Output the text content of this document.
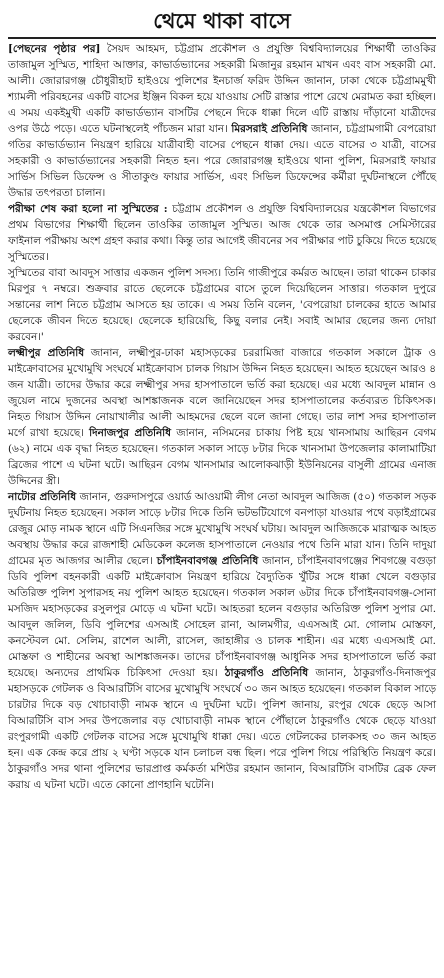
থেমে থাকা বাসে

[পেছনের পৃষ্ঠার পর] সৈয়দ আহমদ, চট্টগ্রাম প্রকৌশল ও প্রযুক্তি বিশ্ববিদ্যালয়ের শিক্ষার্থী তাওকির তাজামুল সুস্মিত, শাহিদা আক্তার, কাভার্ডভ্যানের সহকারী মিজানুর রহমান মাখন এবং বাস সহকারী মো. আলী। জোরারগঞ্জ চৌধুরীহাট হাইওয়ে পুলিশের ইনচার্জ ফরিদ উদ্দিন জানান, ঢাকা থেকে চট্টগ্রামমুখী শ্যামলী পরিবহনের একটি বাসের ইঞ্জিন বিকল হয়ে যাওয়ায় সেটি রাস্তার পাশে রেখে মেরামত করা হচ্ছিল। এ সময় একইমুখী একটি কাভার্ডভ্যান বাসটির পেছনে দিকে ধাক্কা দিলে এটি রাস্তায় দাঁড়ানো যাত্রীদের ওপর উঠে পড়ে। এতে ঘটনাস্থলেই পাঁচজন মারা যান। মিরসরাই প্রতিনিধি জানান, চট্টগ্রামগামী বেপরোয়া গতির কাভার্ডভ্যান নিয়ন্ত্রণ হারিয়ে যাত্রীবাহী বাসের পেছনে ধাক্কা দেয়। এতে বাসের ৩ যাত্রী, বাসের সহকারী ও কাভার্ডভ্যানের সহকারী নিহত হন। পরে জোরারগঞ্জ হাইওয়ে থানা পুলিশ, মিরসরাই ফায়ার সার্ভিস সিভিল ডিফেন্স ও সীতাকুণ্ড ফায়ার সার্ভিস, এবং সিভিল ডিফেন্সের কর্মীরা দুর্ঘটনাস্থলে পৌঁছে উদ্ধার তৎপরতা চালান।

পরীক্ষা শেষ করা হলো না সুস্মিতের : চট্টগ্রাম প্রকৌশল ও প্রযুক্তি বিশ্ববিদ্যালয়ের যন্ত্রকৌশল বিভাগের প্রথম বিভাগের শিক্ষার্থী ছিলেন তাওকির তাজামুল সুস্মিত। আজ থেকে তার অসমাপ্ত সেমিস্টারের ফাইনাল পরীক্ষায় অংশ গ্রহণ করার কথা। কিন্তু তার আগেই জীবনের সব পরীক্ষার পাট চুকিয়ে দিতে হয়েছে সুস্মিতের।

সুস্মিতের বাবা আবদুস সাত্তার একজন পুলিশ সদস্য। তিনি গাজীপুরে কর্মরত আছেন। তারা থাকেন চাকার মিরপুর ৭ নম্বরে। শুক্রবার রাতে ছেলেকে চট্টগ্রামের বাসে তুলে দিয়েছিলেন সাত্তার। গতকাল দুপুরে সন্তানের লাশ নিতে চট্টগ্রাম আসতে হয় তাকে। এ সময় তিনি বলেন, 'বেপরোয়া চালকের হাতে আমার ছেলেকে জীবন দিতে হয়েছে। ছেলেকে হারিয়েছি, কিছু বলার নেই। সবাই আমার ছেলের জন্য দোয়া করবেন।'

লক্ষ্মীপুর প্রতিনিধি জানান, লক্ষ্মীপুর-ঢাকা মহাসড়কের চররামিজা বাজারে গতকাল সকালে ট্রাক ও মাইক্রোবাসের মুখোমুখি সংঘর্ষে মাইক্রোবাস চালক গিয়াস উদ্দিন নিহত হয়েছেন। আহত হয়েছেন আরও ৪ জন যাত্রী। তাদের উদ্ধার করে লক্ষ্মীপুর সদর হাসপাতালে ভর্তি করা হয়েছে। এর মধ্যে আবদুল মান্নান ও জুয়েল নামে দুজনের অবস্থা আশঙ্কাজনক বলে জানিয়েছেন সদর হাসপাতালের কর্তব্যরত চিকিৎসক। নিহত গিয়াস উদ্দিন নোয়াখালীর আলী আহমদের ছেলে বলে জানা গেছে। তার লাশ সদর হাসপাতাল মর্গে রাখা হয়েছে। দিনাজপুর প্রতিনিধি জানান, নসিমনের চাকায় পিষ্ট হয়ে খানসামায় আছিরন বেগম (৬২) নামে এক বৃদ্ধা নিহত হয়েছেন। গতকাল সকাল সাড়ে ৮টার দিকে খানসামা উপজেলার কালামাটিয়া ব্রিজের পাশে এ ঘটনা ঘটে। আছিরন বেগম খানসামার আলোকঝাড়ী ইউনিয়নের বাসুলী গ্রামের এনাজ উদ্দিনের স্ত্রী।

নাটোর প্রতিনিধি জানান, গুরুদাসপুরে ওয়ার্ড আওয়ামী লীগ নেতা আবদুল আজিজ (৫০) গতকাল সড়ক দুর্ঘটনায় নিহত হয়েছেন। সকাল সাড়ে ৮টার দিকে তিনি ভটভটিযোগে বনপাড়া যাওয়ার পথে বড়াইগ্রামের রেজুর মোড় নামক স্থানে এটি সিএনজির সঙ্গে মুখোমুখি সংঘর্ষ ঘটায়। আবদুল আজিজকে মারাত্মক আহত অবস্থায় উদ্ধার করে রাজশাহী মেডিকেল কলেজ হাসপাতালে নেওয়ার পথে তিনি মারা যান। তিনি দাদুয়া গ্রামের মৃত আজগর আলীর ছেলে। চাঁপাইনবাবগঞ্জ প্রতিনিধি জানান, চাঁপাইনবাবগঞ্জের শিবগঞ্জে বগুড়া ডিবি পুলিশ বহনকারী একটি মাইক্রোবাস নিয়ন্ত্রণ হারিয়ে বৈদ্যুতিক খুঁটির সঙ্গে ধাক্কা খেলে বগুড়ার অতিরিক্ত পুলিশ সুপারসহ নয় পুলিশ আহত হয়েছেন। গতকাল সকাল ৬টার দিকে চাঁপাইনবাবগঞ্জ-সোনা মসজিদ মহাসড়কের রসুলপুর মোড়ে এ ঘটনা ঘটে। আহতরা হলেন বগুড়ার অতিরিক্ত পুলিশ সুপার মো. আবদুল জলিল, ডিবি পুলিশের এসআই সোহেল রানা, আলমগীর, এএসআই মো. গোলাম মোস্তফা, কনস্টেবল মো. সেলিম, রাশেল আলী, রাসেল, জাহাঙ্গীর ও চালক শাহীন। এর মধ্যে এএসআই মো. মোস্তফা ও শাহীনের অবস্থা আশঙ্কাজনক। তাদের চাঁপাইনবাবগঞ্জ আধুনিক সদর হাসপাতালে ভর্তি করা হয়েছে। অন্যদের প্রাথমিক চিকিৎসা দেওয়া হয়। ঠাকুরগাঁও প্রতিনিধি জানান, ঠাকুরগাঁও-দিনাজপুর মহাসড়কে গেটলক ও বিআরটিসি বাসের মুখোমুখি সংঘর্ষে ৩০ জন আহত হয়েছেন। গতকাল বিকাল সাড়ে চারটার দিকে বড় খোচাবাড়ী নামক স্থানে এ দুর্ঘটনা ঘটে। পুলিশ জানায়, রংপুর থেকে ছেড়ে আসা বিআরটিসি বাস সদর উপজেলার বড় খোচাবাড়ী নামক স্থানে পৌঁছালে ঠাকুরগাঁও থেকে ছেড়ে যাওয়া রংপুরগামী একটি গেটলক বাসের সঙ্গে মুখোমুখি ধাক্কা দেয়। এতে গেটলকের চালকসহ ৩০ জন আহত হন। এক কেন্দ্র করে প্রায় ২ ঘণ্টা সড়কে যান চলাচল বন্ধ ছিল। পরে পুলিশ গিয়ে পরিস্থিতি নিয়ন্ত্রণ করে। ঠাকুরগাঁও সদর থানা পুলিশের ভারপ্রাপ্ত কর্মকর্তা মশিউর রহমান জানান, বিআরটিসি বাসটির ব্রেক ফেল করায় এ ঘটনা ঘটে। এতে কোনো প্রাণহানি ঘটেনি।
